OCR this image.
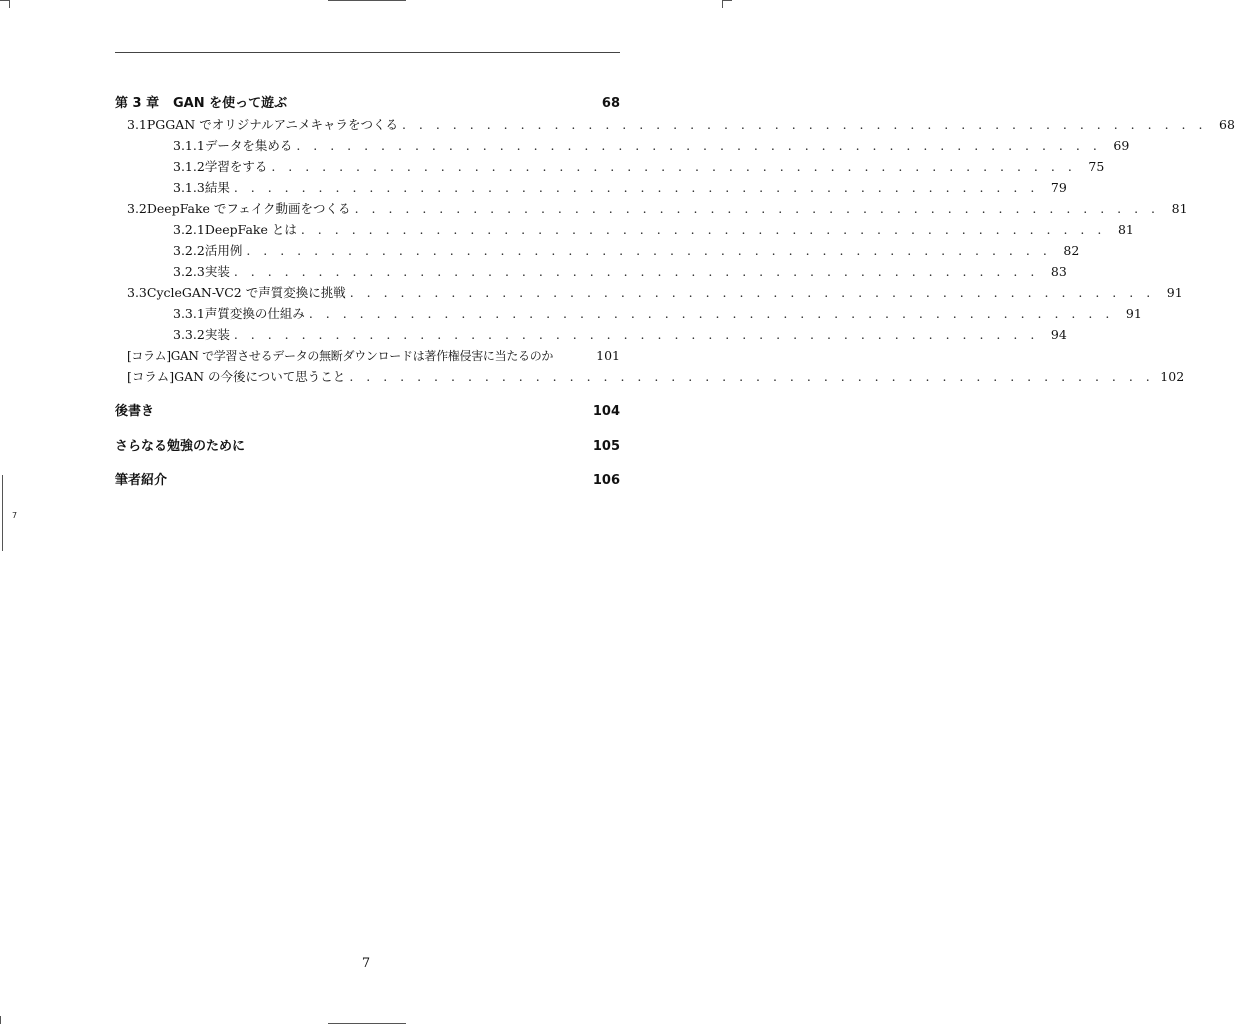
7
第 3 章	GAN を使って遊ぶ	68
3.1 PGGAN でオリジナルアニメキャラをつくる . . . . . . . . . . . . . . . . . . . . . . . . . . . . . . . . . . . . . . . . . . . . . . . . 68
3.1.1 データを集める . . . . . . . . . . . . . . . . . . . . . . . . . . . . . . . . . . . . . . . . . . . . . . . . 69
3.1.2 学習をする . . . . . . . . . . . . . . . . . . . . . . . . . . . . . . . . . . . . . . . . . . . . . . . . 75
3.1.3 結果 . . . . . . . . . . . . . . . . . . . . . . . . . . . . . . . . . . . . . . . . . . . . . . . . 79
3.2 DeepFake でフェイク動画をつくる . . . . . . . . . . . . . . . . . . . . . . . . . . . . . . . . . . . . . . . . . . . . . . . . 81
3.2.1 DeepFake とは . . . . . . . . . . . . . . . . . . . . . . . . . . . . . . . . . . . . . . . . . . . . . . . . 81
3.2.2 活用例 . . . . . . . . . . . . . . . . . . . . . . . . . . . . . . . . . . . . . . . . . . . . . . . . 82
3.2.3 実装 . . . . . . . . . . . . . . . . . . . . . . . . . . . . . . . . . . . . . . . . . . . . . . . . 83
3.3 CycleGAN-VC2 で声質変換に挑戦 . . . . . . . . . . . . . . . . . . . . . . . . . . . . . . . . . . . . . . . . . . . . . . . . 91
3.3.1 声質変換の仕組み . . . . . . . . . . . . . . . . . . . . . . . . . . . . . . . . . . . . . . . . . . . . . . . . 91
3.3.2 実装 . . . . . . . . . . . . . . . . . . . . . . . . . . . . . . . . . . . . . . . . . . . . . . . . 94
[コラム]GAN で学習させるデータの無断ダウンロードは著作権侵害に当たるのか	101
[コラム]GAN の今後について思うこと . . . . . . . . . . . . . . . . . . . . . . . . . . . . . . . . . . . . . . . . . . . . . . . . 102
後書き	104
さらなる勉強のために	105
筆者紹介	106
7
